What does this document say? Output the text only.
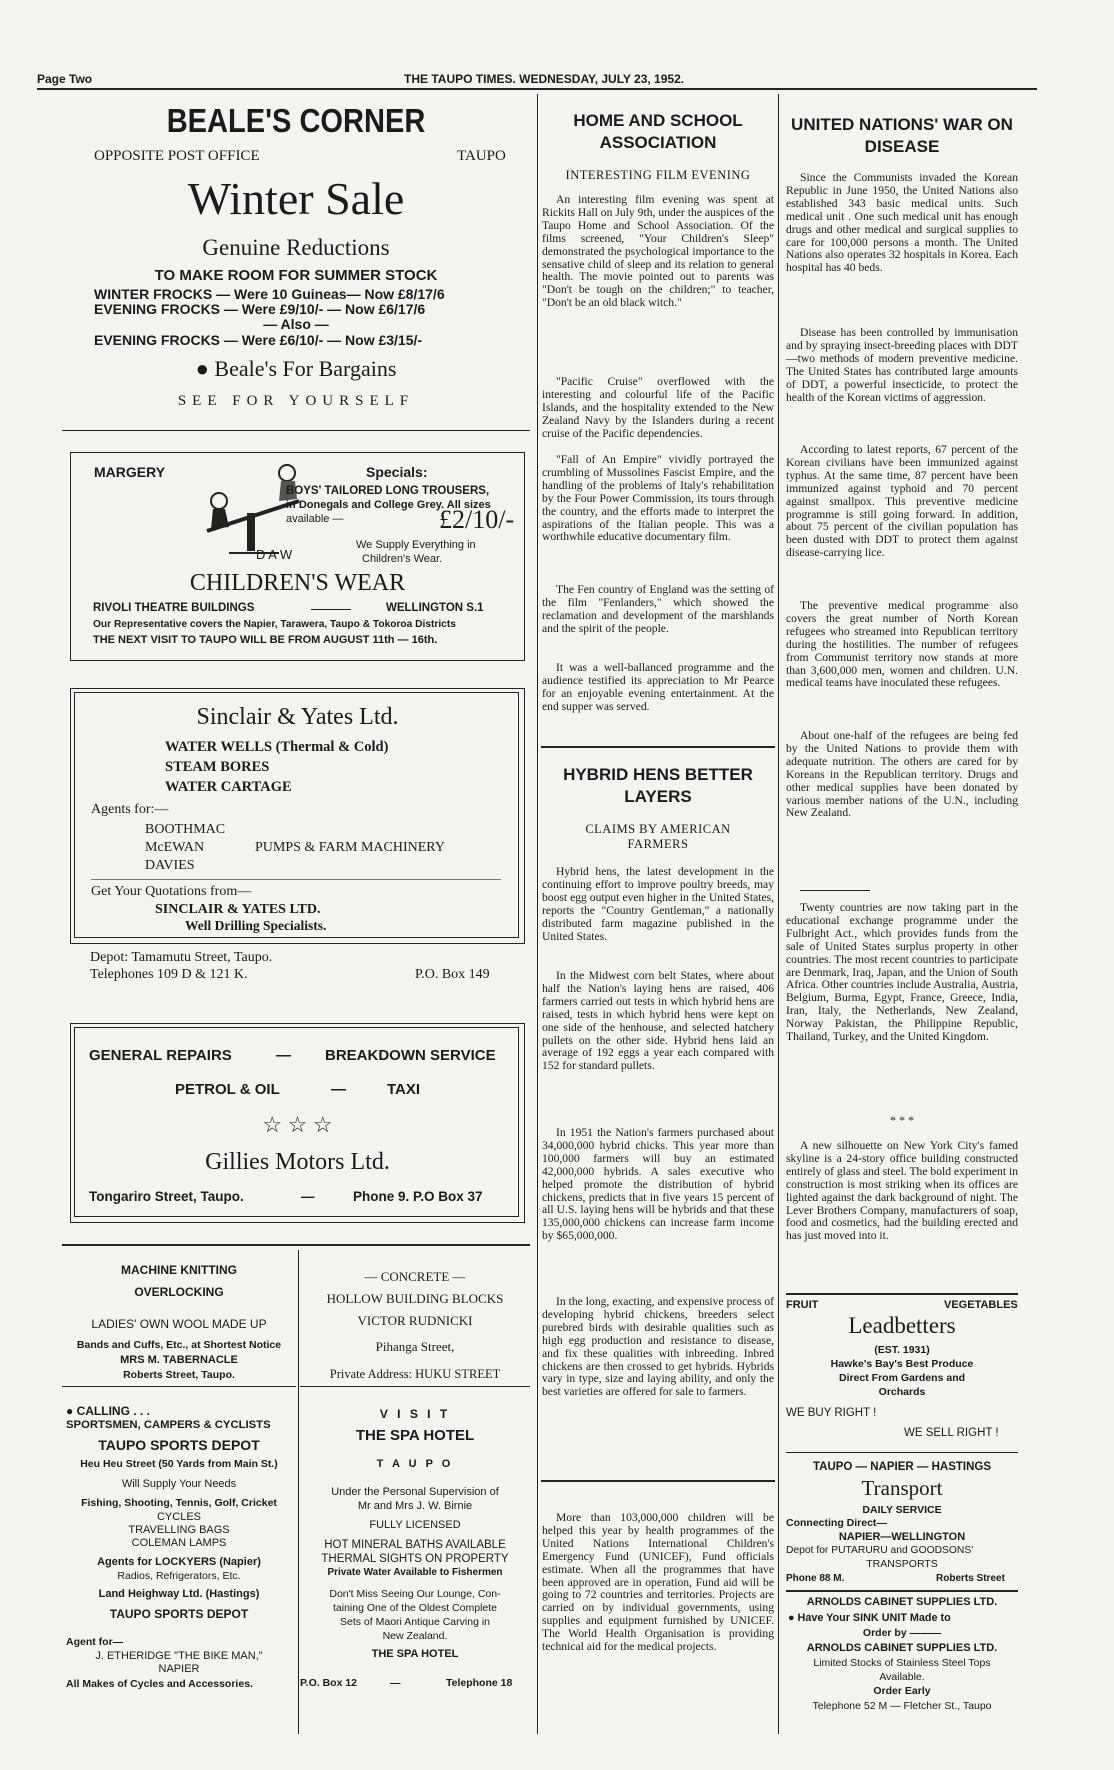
Page Two	THE TAUPO TIMES. WEDNESDAY, JULY 23, 1952.
BEALE'S CORNER
OPPOSITE POST OFFICE	TAUPO
Winter Sale
Genuine Reductions
TO MAKE ROOM FOR SUMMER STOCK
WINTER FROCKS — Were 10 Guineas— Now £8/17/6
EVENING FROCKS — Were £9/10/- — Now £6/17/6
— Also —
EVENING FROCKS — Were £6/10/- — Now £3/15/-
● Beale's For Bargains
SEE FOR YOURSELF
MARGERY	Specials:
BOYS' TAILORED LONG TROUSERS,
in Donegals and College Grey. All sizes
available —	£2/10/-
D A W
We Supply Everything in
Children's Wear.
CHILDREN'S WEAR
RIVOLI THEATRE BUILDINGS	WELLINGTON S.1
Our Representative covers the Napier, Tarawera, Taupo & Tokoroa Districts
THE NEXT VISIT TO TAUPO WILL BE FROM AUGUST 11th — 16th.
Sinclair & Yates Ltd.
WATER WELLS (Thermal & Cold)
STEAM BORES
WATER CARTAGE
Agents for:—
BOOTHMAC
McEWAN
DAVIES
PUMPS & FARM MACHINERY
Get Your Quotations from—
SINCLAIR & YATES LTD.
Well Drilling Specialists.
Depot: Tamamutu Street, Taupo.
Telephones 109 D & 121 K.	P.O. Box 149
GENERAL REPAIRS	— BREAKDOWN SERVICE
PETROL & OIL	—	TAXI
☆ ☆ ☆
Gillies Motors Ltd.
Tongariro Street, Taupo.	—	Phone 9. P.O Box 37
MACHINE KNITTING
OVERLOCKING
LADIES' OWN WOOL MADE UP
Bands and Cuffs, Etc., at Shortest Notice
MRS M. TABERNACLE
Roberts Street, Taupo.
— CONCRETE —
HOLLOW BUILDING BLOCKS
VICTOR RUDNICKI
Pihanga Street,
Private Address: HUKU STREET
● CALLING . . .
SPORTSMEN, CAMPERS & CYCLISTS
TAUPO SPORTS DEPOT
Heu Heu Street (50 Yards from Main St.)
Will Supply Your Needs
Fishing, Shooting, Tennis, Golf, Cricket
CYCLES
TRAVELLING BAGS
COLEMAN LAMPS
Agents for LOCKYERS (Napier)
Radios, Refrigerators, Etc.
Land Heighway Ltd. (Hastings)
TAUPO SPORTS DEPOT
Agent for—
J. ETHERIDGE "THE BIKE MAN,"
NAPIER
All Makes of Cycles and Accessories.
V I S I T
THE SPA HOTEL
T A U P O
Under the Personal Supervision of
Mr and Mrs J. W. Birnie
FULLY LICENSED
HOT MINERAL BATHS AVAILABLE
THERMAL SIGHTS ON PROPERTY
Private Water Available to Fishermen
Don't Miss Seeing Our Lounge, Con-
taining One of the Oldest Complete
Sets of Maori Antique Carving in
New Zealand.
THE SPA HOTEL
P.O. Box 12	—	Telephone 18
HOME AND SCHOOL
ASSOCIATION
INTERESTING FILM EVENING

An interesting film evening was spent at Rickits Hall on July 9th, under the auspices of the Taupo Home and School Association. Of the films screened, "Your Children's Sleep" demonstrated the psychological importance to the sensative child of sleep and its relation to general health. The movie pointed out to parents was "Don't be tough on the children;" to teacher, "Don't be an old black witch."

"Pacific Cruise" overflowed with the interesting and colourful life of the Pacific Islands, and the hospitality extended to the New Zealand Navy by the Islanders during a recent cruise of the Pacific dependencies.

"Fall of An Empire" vividly portrayed the crumbling of Mussolines Fascist Empire, and the handling of the problems of Italy's rehabilitation by the Four Power Commission, its tours through the country, and the efforts made to interpret the aspirations of the Italian people. This was a worthwhile educative documentary film.

The Fen country of England was the setting of the film "Fenlanders," which showed the reclamation and development of the marshlands and the spirit of the people.

It was a well-ballanced programme and the audience testified its appreciation to Mr Pearce for an enjoyable evening entertainment. At the end supper was served.

HYBRID HENS BETTER
LAYERS
CLAIMS BY AMERICAN
FARMERS

Hybrid hens, the latest development in the continuing effort to improve poultry breeds, may boost egg output even higher in the United States, reports the "Country Gentleman," a nationally distributed farm magazine published in the United States.

In the Midwest corn belt States, where about half the Nation's laying hens are raised, 406 farmers carried out tests in which hybrid hens are raised, tests in which hybrid hens were kept on one side of the henhouse, and selected hatchery pullets on the other side. Hybrid hens laid an average of 192 eggs a year each compared with 152 for standard pullets.

In 1951 the Nation's farmers purchased about 34,000,000 hybrid chicks. This year more than 100,000 farmers will buy an estimated 42,000,000 hybrids. A sales executive who helped promote the distribution of hybrid chickens, predicts that in five years 15 percent of all U.S. laying hens will be hybrids and that these 135,000,000 chickens can increase farm income by $65,000,000.

In the long, exacting, and expensive process of developing hybrid chickens, breeders select purebred birds with desirable qualities such as high egg production and resistance to disease, and fix these qualities with inbreeding. Inbred chickens are then crossed to get hybrids. Hybrids vary in type, size and laying ability, and only the best varieties are offered for sale to farmers.

More than 103,000,000 children will be helped this year by health programmes of the United Nations International Children's Emergency Fund (UNICEF), Fund officials estimate. When all the programmes that have been approved are in operation, Fund aid will be going to 72 countries and territories. Projects are carried on by individual governments, using supplies and equipment furnished by UNICEF. The World Health Organisation is providing technical aid for the medical projects.

UNITED NATIONS' WAR ON
DISEASE

Since the Communists invaded the Korean Republic in June 1950, the United Nations also established 343 basic medical units. Such medical unit . One such medical unit has enough drugs and other medical and surgical supplies to care for 100,000 persons a month. The United Nations also operates 32 hospitals in Korea. Each hospital has 40 beds.

Disease has been controlled by immunisation and by spraying insect-breeding places with DDT—two methods of modern preventive medicine. The United States has contributed large amounts of DDT, a powerful insecticide, to protect the health of the Korean victims of aggression.

According to latest reports, 67 percent of the Korean civilians have been immunized against typhus. At the same time, 87 percent have been immunized against typhoid and 70 percent against smallpox. This preventive medicine programme is still going forward. In addition, about 75 percent of the civilian population has been dusted with DDT to protect them against disease-carrying lice.

The preventive medical programme also covers the great number of North Korean refugees who streamed into Republican territory during the hostilities. The number of refugees from Communist territory now stands at more than 3,600,000 men, women and children. U.N. medical teams have inoculated these refugees.

About one-half of the refugees are being fed by the United Nations to provide them with adequate nutrition. The others are cared for by Koreans in the Republican territory. Drugs and other medical supplies have been donated by various member nations of the U.N., including New Zealand.

Twenty countries are now taking part in the educational exchange programme under the Fulbright Act., which provides funds from the sale of United States surplus property in other countries. The most recent countries to participate are Denmark, Iraq, Japan, and the Union of South Africa. Other countries include Australia, Austria, Belgium, Burma, Egypt, France, Greece, India, Iran, Italy, the Netherlands, New Zealand, Norway Pakistan, the Philippine Republic, Thailand, Turkey, and the United Kingdom.

* * *

A new silhouette on New York City's famed skyline is a 24-story office building constructed entirely of glass and steel. The bold experiment in construction is most striking when its offices are lighted against the dark background of night. The Lever Brothers Company, manufacturers of soap, food and cosmetics, had the building erected and has just moved into it.

FRUIT	VEGETABLES
Leadbetters
(EST. 1931)
Hawke's Bay's Best Produce
Direct From Gardens and
Orchards
WE BUY RIGHT !
WE SELL RIGHT !
TAUPO — NAPIER — HASTINGS
Transport
DAILY SERVICE
Connecting Direct—
NAPIER—WELLINGTON
Depot for PUTARURU and GOODSONS'
TRANSPORTS
Phone 88 M.	Roberts Street
ARNOLDS CABINET SUPPLIES LTD.
● Have Your SINK UNIT Made to
Order by ———
ARNOLDS CABINET SUPPLIES LTD.
Limited Stocks of Stainless Steel Tops
Available.
Order Early
Telephone 52 M — Fletcher St., Taupo
